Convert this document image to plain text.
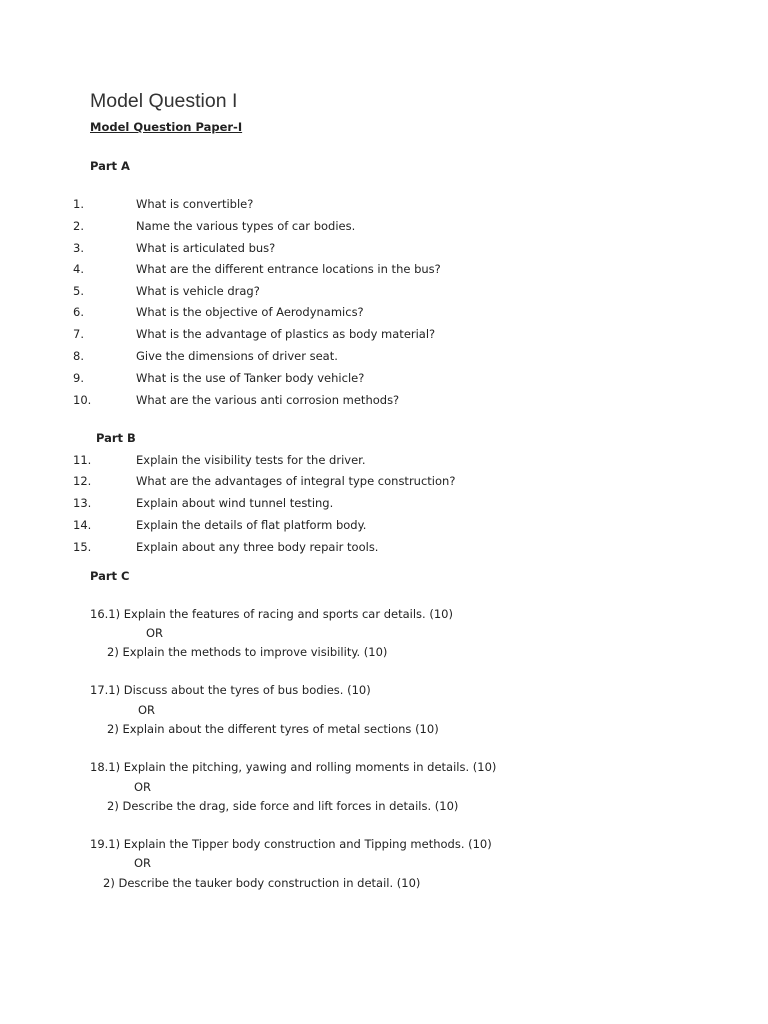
Model Question I
Model Question Paper-I
Part A
1.	What is convertible?
2.	Name the various types of car bodies.
3.	What is articulated bus?
4.	What are the different entrance locations in the bus?
5.	What is vehicle drag?
6.	What is the objective of Aerodynamics?
7.	What is the advantage of plastics as body material?
8.	Give the dimensions of driver seat.
9.	What is the use of Tanker body vehicle?
10.	What are the various anti corrosion methods?
Part B
11.	Explain the visibility tests for the driver.
12.	What are the advantages of integral type construction?
13.	Explain about wind tunnel testing.
14.	Explain the details of flat platform body.
15.	Explain about any three body repair tools.
Part C
16.1) Explain the features of racing and sports car details. (10)
OR
2) Explain the methods to improve visibility. (10)
17.1) Discuss about the tyres of bus bodies. (10)
OR
2) Explain about the different tyres of metal sections (10)
18.1) Explain the pitching, yawing and rolling moments in details. (10)
OR
2) Describe the drag, side force and lift forces in details. (10)
19.1) Explain the Tipper body construction and Tipping methods. (10)
OR
2) Describe the tauker body construction in detail. (10)
